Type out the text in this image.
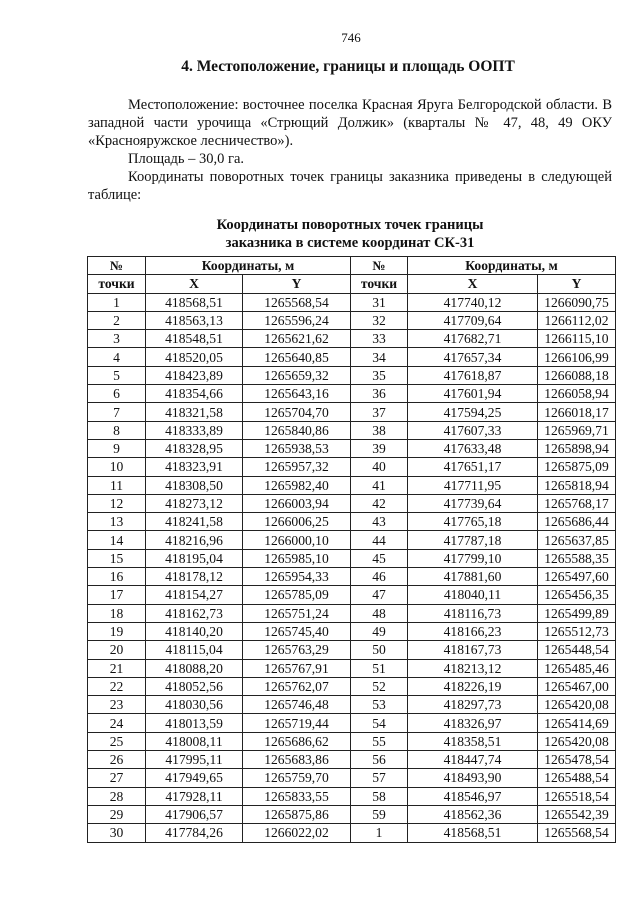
746
4. Местоположение, границы и площадь ООПТ

Местоположение: восточнее поселка Красная Яруга Белгородской области. В западной части урочища «Стрющий Должик» (кварталы № 47, 48, 49 ОКУ «Краснояружское лесничество»).

Площадь – 30,0 га.

Координаты поворотных точек границы заказника приведены в следующей таблице:

Координаты поворотных точек границы
заказника в системе координат СК-31
№	Координаты, м		№	Координаты, м	
точки	X	Y	точки	X	Y
1	418568,51	1265568,54	31	417740,12	1266090,75
2	418563,13	1265596,24	32	417709,64	1266112,02
3	418548,51	1265621,62	33	417682,71	1266115,10
4	418520,05	1265640,85	34	417657,34	1266106,99
5	418423,89	1265659,32	35	417618,87	1266088,18
6	418354,66	1265643,16	36	417601,94	1266058,94
7	418321,58	1265704,70	37	417594,25	1266018,17
8	418333,89	1265840,86	38	417607,33	1265969,71
9	418328,95	1265938,53	39	417633,48	1265898,94
10	418323,91	1265957,32	40	417651,17	1265875,09
11	418308,50	1265982,40	41	417711,95	1265818,94
12	418273,12	1266003,94	42	417739,64	1265768,17
13	418241,58	1266006,25	43	417765,18	1265686,44
14	418216,96	1266000,10	44	417787,18	1265637,85
15	418195,04	1265985,10	45	417799,10	1265588,35
16	418178,12	1265954,33	46	417881,60	1265497,60
17	418154,27	1265785,09	47	418040,11	1265456,35
18	418162,73	1265751,24	48	418116,73	1265499,89
19	418140,20	1265745,40	49	418166,23	1265512,73
20	418115,04	1265763,29	50	418167,73	1265448,54
21	418088,20	1265767,91	51	418213,12	1265485,46
22	418052,56	1265762,07	52	418226,19	1265467,00
23	418030,56	1265746,48	53	418297,73	1265420,08
24	418013,59	1265719,44	54	418326,97	1265414,69
25	418008,11	1265686,62	55	418358,51	1265420,08
26	417995,11	1265683,86	56	418447,74	1265478,54
27	417949,65	1265759,70	57	418493,90	1265488,54
28	417928,11	1265833,55	58	418546,97	1265518,54
29	417906,57	1265875,86	59	418562,36	1265542,39
30	417784,26	1266022,02	1	418568,51	1265568,54
